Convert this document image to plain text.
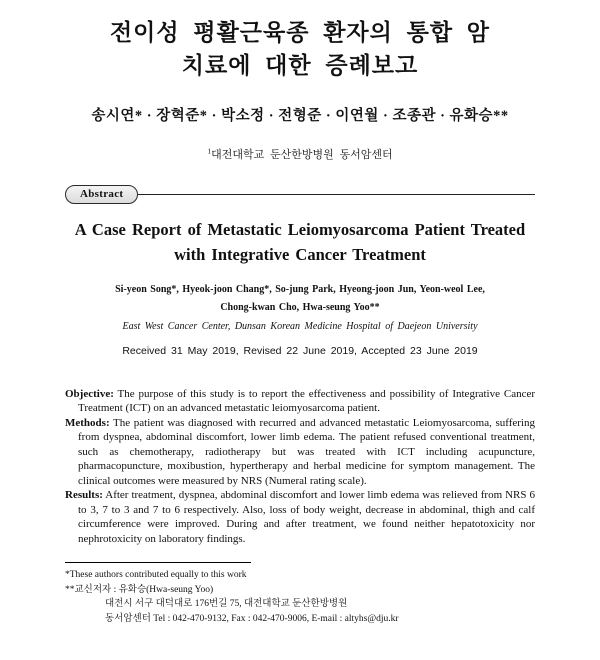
전이성 평활근육종 환자의 통합 암
치료에 대한 증례보고
송시연* · 장혁준* · 박소정 · 전형준 · 이연월 · 조종관 · 유화승**
$^1$대전대학교 둔산한방병원 동서암센터
Abstract
A Case Report of Metastatic Leiomyosarcoma Patient Treated
with Integrative Cancer Treatment
Si-yeon Song*, Hyeok-joon Chang*, So-jung Park, Hyeong-joon Jun, Yeon-weol Lee,
Chong-kwan Cho, Hwa-seung Yoo**
East West Cancer Center, Dunsan Korean Medicine Hospital of Daejeon University
Received 31 May 2019, Revised 22 June 2019, Accepted 23 June 2019

Objective: The purpose of this study is to report the effectiveness and possibility of Integrative Cancer Treatment (ICT) on an advanced metastatic leiomyosarcoma patient.

Methods: The patient was diagnosed with recurred and advanced metastatic Leiomyosarcoma, suffering from dyspnea, abdominal discomfort, lower limb edema. The patient refused conventional treatment, such as chemotherapy, radiotherapy but was treated with ICT including acupuncture, pharmacopuncture, moxibustion, hypertherapy and herbal medicine for symptom management. The clinical outcomes were measured by NRS (Numeral rating scale).

Results: After treatment, dyspnea, abdominal discomfort and lower limb edema was relieved from NRS 6 to 3, 7 to 3 and 7 to 6 respectively. Also, loss of body weight, decrease in abdominal, thigh and calf circumference were improved. During and after treatment, we found neither hepatotoxicity nor nephrotoxicity on laboratory findings.

*These authors contributed equally to this work
**교신저자 : 유화승(Hwa-seung Yoo)
대전시 서구 대덕대로 176번길 75, 대전대학교 둔산한방병원
동서암센터 Tel : 042-470-9132, Fax : 042-470-9006, E-mail : altyhs@dju.kr
